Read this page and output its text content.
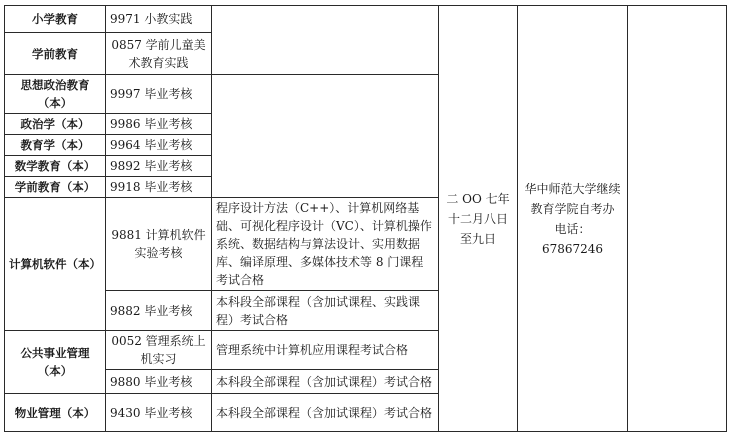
小学教育	9971 小教实践		二 OO 七年十二月八日至九日	华中师范大学继续教育学院自考办 电话：67867246	

学前教育	0857 学前儿童美术教育实践				
思想政治教育（本）	9997 毕业考核				
政治学（本）	9986 毕业考核				
教育学（本）	9964 毕业考核				
数学教育（本）	9892 毕业考核				
学前教育（本）	9918 毕业考核				
计算机软件（本）	9881 计算机软件实验考核	程序设计方法（C++）、计算机网络基础、可视化程序设计（VC）、计算机操作系统、数据结构与算法设计、实用数据库、编译原理、多媒体技术等 8 门课程考试合格			
	9882 毕业考核	本科段全部课程（含加试课程、实践课程）考试合格			
公共事业管理（本）	0052 管理系统上机实习	管理系统中计算机应用课程考试合格			
	9880 毕业考核	本科段全部课程（含加试课程）考试合格			
物业管理（本）	9430 毕业考核	本科段全部课程（含加试课程）考试合格			
